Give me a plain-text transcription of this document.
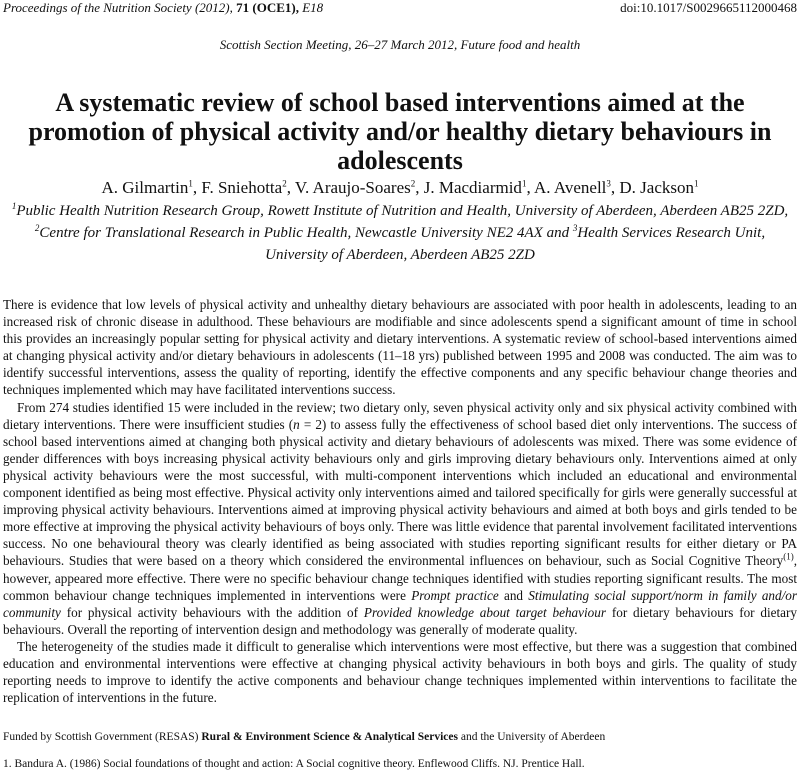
Proceedings of the Nutrition Society (2012), 71 (OCE1), E18	doi:10.1017/S0029665112000468
Scottish Section Meeting, 26–27 March 2012, Future food and health
A systematic review of school based interventions aimed at the promotion of physical activity and/or healthy dietary behaviours in adolescents
A. Gilmartin$^1$, F. Sniehotta$^2$, V. Araujo-Soares$^2$, J. Macdiarmid$^1$, A. Avenell$^3$, D. Jackson$^1$
$^1$Public Health Nutrition Research Group, Rowett Institute of Nutrition and Health, University of Aberdeen, Aberdeen AB25 2ZD, $^2$Centre for Translational Research in Public Health, Newcastle University NE2 4AX and $^3$Health Services Research Unit, University of Aberdeen, Aberdeen AB25 2ZD

There is evidence that low levels of physical activity and unhealthy dietary behaviours are associated with poor health in adolescents, leading to an increased risk of chronic disease in adulthood. These behaviours are modifiable and since adolescents spend a significant amount of time in school this provides an increasingly popular setting for physical activity and dietary interventions. A systematic review of school-based interventions aimed at changing physical activity and/or dietary behaviours in adolescents (11–18 yrs) published between 1995 and 2008 was conducted. The aim was to identify successful interventions, assess the quality of reporting, identify the effective components and any specific behaviour change theories and techniques implemented which may have facilitated interventions success.

From 274 studies identified 15 were included in the review; two dietary only, seven physical activity only and six physical activity combined with dietary interventions. There were insufficient studies (n = 2) to assess fully the effectiveness of school based diet only interventions. The success of school based interventions aimed at changing both physical activity and dietary behaviours of adolescents was mixed. There was some evidence of gender differences with boys increasing physical activity behaviours only and girls improving dietary behaviours only. Interventions aimed at only physical activity behaviours were the most successful, with multi-component interventions which included an educational and environmental component identified as being most effective. Physical activity only interventions aimed and tailored specifically for girls were generally successful at improving physical activity behaviours. Interventions aimed at improving physical activity behaviours and aimed at both boys and girls tended to be more effective at improving the physical activity behaviours of boys only. There was little evidence that parental involvement facilitated interventions success. No one behavioural theory was clearly identified as being associated with studies reporting significant results for either dietary or PA behaviours. Studies that were based on a theory which considered the environmental influences on behaviour, such as Social Cognitive Theory$^{(1)}$, however, appeared more effective. There were no specific behaviour change techniques identified with studies reporting significant results. The most common behaviour change techniques implemented in interventions were Prompt practice and Stimulating social support/norm in family and/or community for physical activity behaviours with the addition of Provided knowledge about target behaviour for dietary behaviours for dietary behaviours. Overall the reporting of intervention design and methodology was generally of moderate quality.

The heterogeneity of the studies made it difficult to generalise which interventions were most effective, but there was a suggestion that combined education and environmental interventions were effective at changing physical activity behaviours in both boys and girls. The quality of study reporting needs to improve to identify the active components and behaviour change techniques implemented within interventions to facilitate the replication of interventions in the future.

Funded by Scottish Government (RESAS) Rural & Environment Science & Analytical Services and the University of Aberdeen
1. Bandura A. (1986) Social foundations of thought and action: A Social cognitive theory. Enflewood Cliffs. NJ. Prentice Hall.
